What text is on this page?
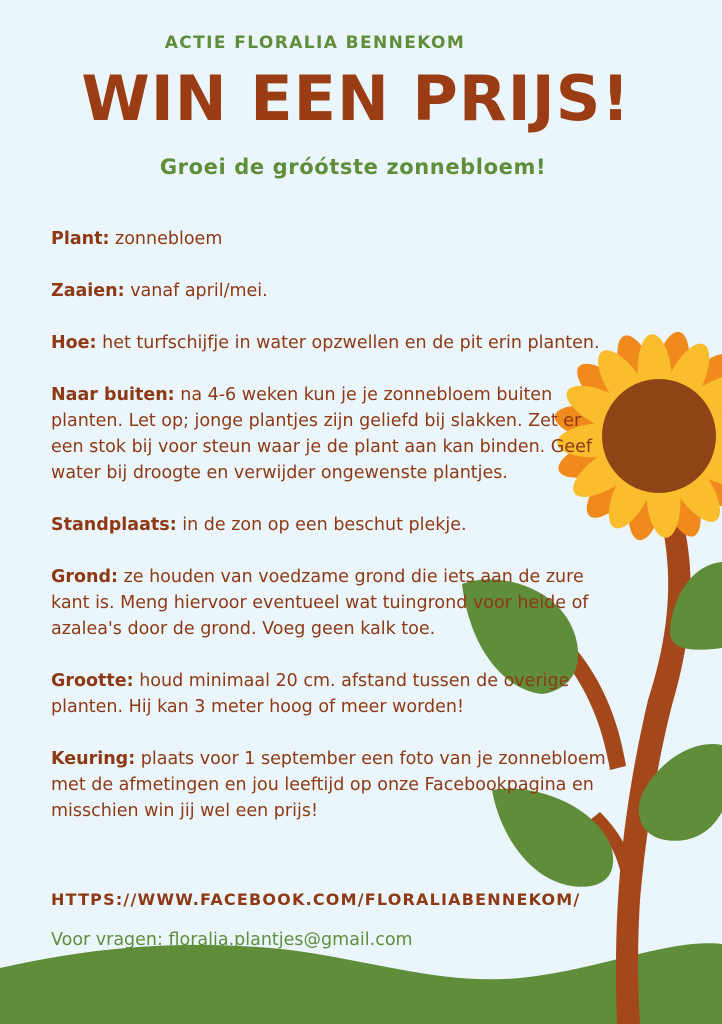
ACTIE FLORALIA BENNEKOM
WIN EEN PRIJS!
Groei de gróótste zonnebloem!

Plant: zonnebloem

Zaaien: vanaf april/mei.

Hoe: het turfschijfje in water opzwellen en de pit erin planten.

Naar buiten: na 4-6 weken kun je je zonnebloem buiten planten. Let op; jonge plantjes zijn geliefd bij slakken. Zet er een stok bij voor steun waar je de plant aan kan binden. Geef water bij droogte en verwijder ongewenste plantjes.

Standplaats: in de zon op een beschut plekje.

Grond: ze houden van voedzame grond die iets aan de zure kant is. Meng hiervoor eventueel wat tuingrond voor heide of azalea's door de grond. Voeg geen kalk toe.

Grootte: houd minimaal 20 cm. afstand tussen de overige planten. Hij kan 3 meter hoog of meer worden!

Keuring: plaats voor 1 september een foto van je zonnebloem met de afmetingen en jou leeftijd op onze Facebookpagina en misschien win jij wel een prijs!

HTTPS://WWW.FACEBOOK.COM/FLORALIABENNEKOM/
Voor vragen: floralia.plantjes@gmail.com
